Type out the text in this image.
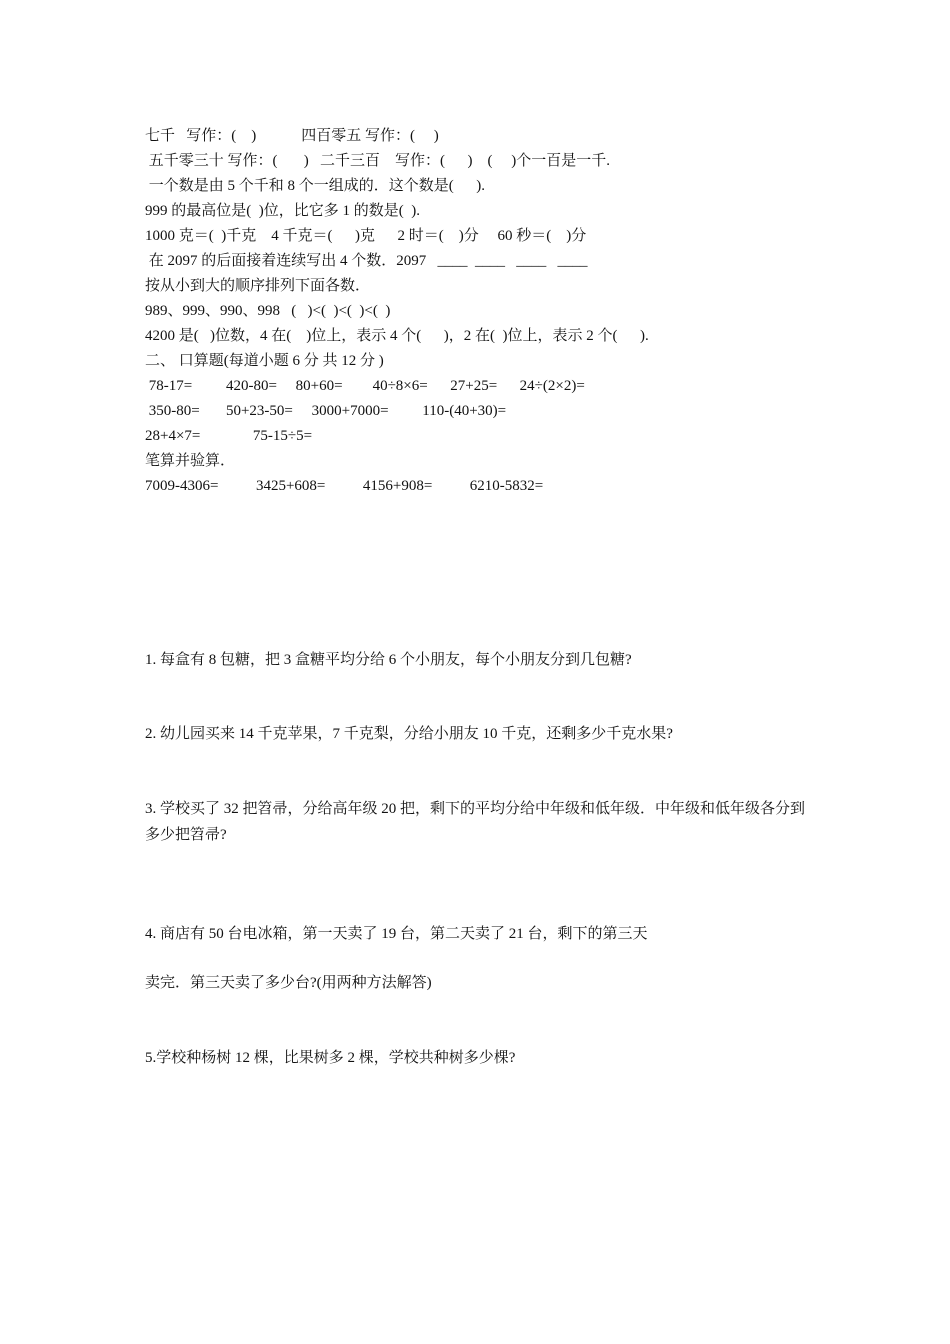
七千   写作：(    )            四百零五 写作：(     )
五千零三十 写作：(       )   二千三百    写作：(      )    (     )个一百是一千.
一个数是由 5 个千和 8 个一组成的．这个数是(      ).
999 的最高位是(  )位，比它多 1 的数是(  ).
1000 克＝(  )千克    4 千克＝(      )克      2 时＝(    )分     60 秒＝(    )分
在 2097 的后面接着连续写出 4 个数．2097   ____  ____   ____   ____
按从小到大的顺序排列下面各数．
989、999、990、998   (   )<(  )<(  )<(  )
4200 是(   )位数，4 在(    )位上，表示 4 个(      )，2 在(  )位上，表示 2 个(      ).
二、 口算题(每道小题 6 分 共 12 分 )
78-17=         420-80=     80+60=        40÷8×6=      27+25=      24÷(2×2)=
350-80=       50+23-50=     3000+7000=         110-(40+30)=
28+4×7=              75-15÷5=
笔算并验算．
7009-4306=          3425+608=          4156+908=          6210-5832=
1. 每盒有 8 包糖，把 3 盒糖平均分给 6 个小朋友，每个小朋友分到几包糖?
2. 幼儿园买来 14 千克苹果，7 千克梨，分给小朋友 10 千克，还剩多少千克水果?
3. 学校买了 32 把笤帚，分给高年级 20 把，剩下的平均分给中年级和低年级．中年级和低年级各分到多少把笤帚?
4. 商店有 50 台电冰箱，第一天卖了 19 台，第二天卖了 21 台，剩下的第三天
卖完．第三天卖了多少台?(用两种方法解答)
5.学校种杨树 12 棵，比果树多 2 棵，学校共种树多少棵?
